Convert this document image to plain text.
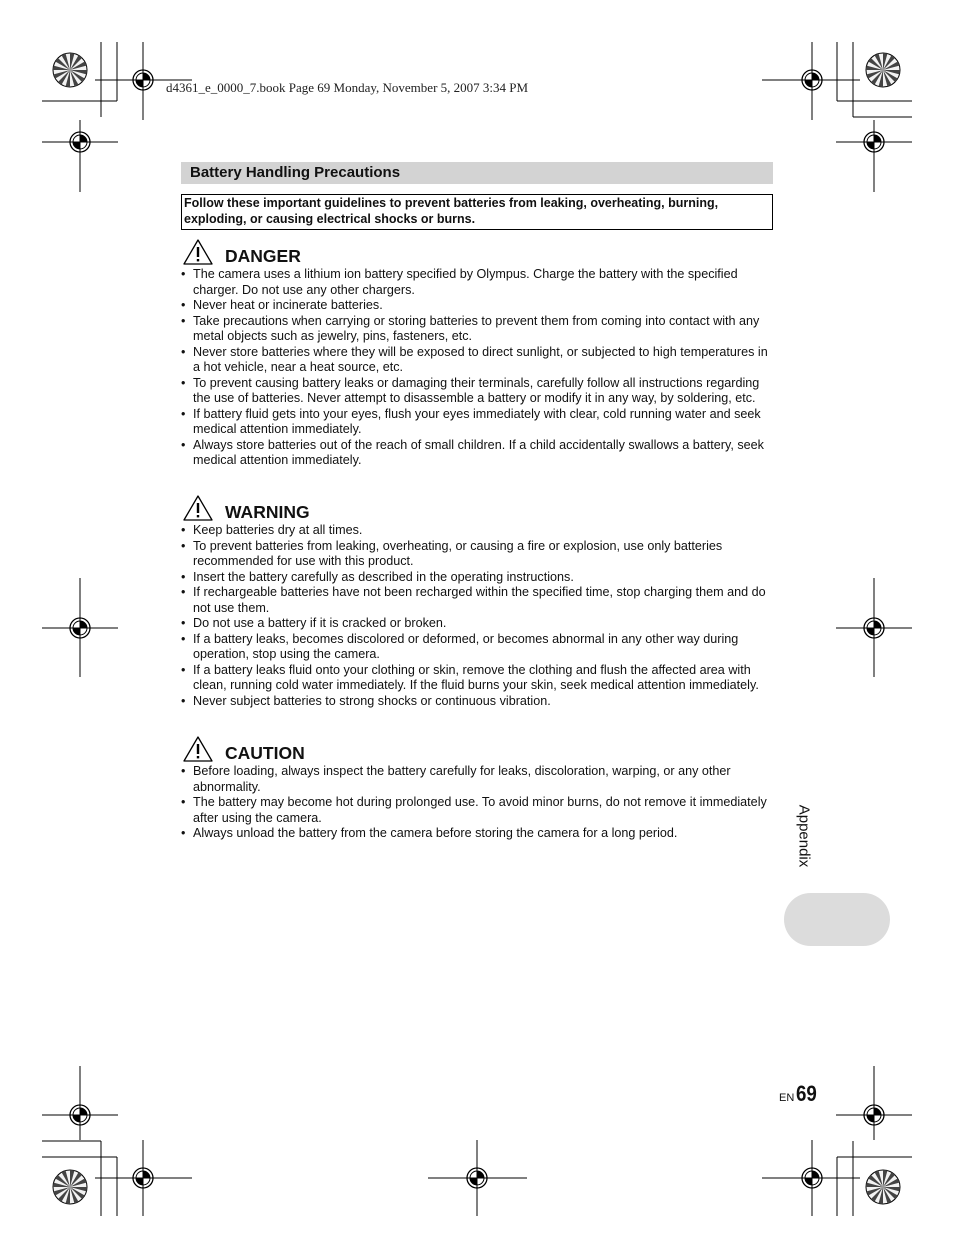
d4361_e_0000_7.book Page 69 Monday, November 5, 2007 3:34 PM
Battery Handling Precautions

Follow these important guidelines to prevent batteries from leaking, overheating, burning, exploding, or causing electrical shocks or burns.

DANGER
• The camera uses a lithium ion battery specified by Olympus. Charge the battery with the specified charger. Do not use any other chargers.
• Never heat or incinerate batteries.
• Take precautions when carrying or storing batteries to prevent them from coming into contact with any metal objects such as jewelry, pins, fasteners, etc.
• Never store batteries where they will be exposed to direct sunlight, or subjected to high temperatures in a hot vehicle, near a heat source, etc.
• To prevent causing battery leaks or damaging their terminals, carefully follow all instructions regarding the use of batteries. Never attempt to disassemble a battery or modify it in any way, by soldering, etc.
• If battery fluid gets into your eyes, flush your eyes immediately with clear, cold running water and seek medical attention immediately.
• Always store batteries out of the reach of small children. If a child accidentally swallows a battery, seek medical attention immediately.
WARNING
• Keep batteries dry at all times.
• To prevent batteries from leaking, overheating, or causing a fire or explosion, use only batteries recommended for use with this product.
• Insert the battery carefully as described in the operating instructions.
• If rechargeable batteries have not been recharged within the specified time, stop charging them and do not use them.
• Do not use a battery if it is cracked or broken.
• If a battery leaks, becomes discolored or deformed, or becomes abnormal in any other way during operation, stop using the camera.
• If a battery leaks fluid onto your clothing or skin, remove the clothing and flush the affected area with clean, running cold water immediately. If the fluid burns your skin, seek medical attention immediately.
• Never subject batteries to strong shocks or continuous vibration.
CAUTION
• Before loading, always inspect the battery carefully for leaks, discoloration, warping, or any other abnormality.
• The battery may become hot during prolonged use. To avoid minor burns, do not remove it immediately after using the camera.
• Always unload the battery from the camera before storing the camera for a long period.	Appendix
EN 69
